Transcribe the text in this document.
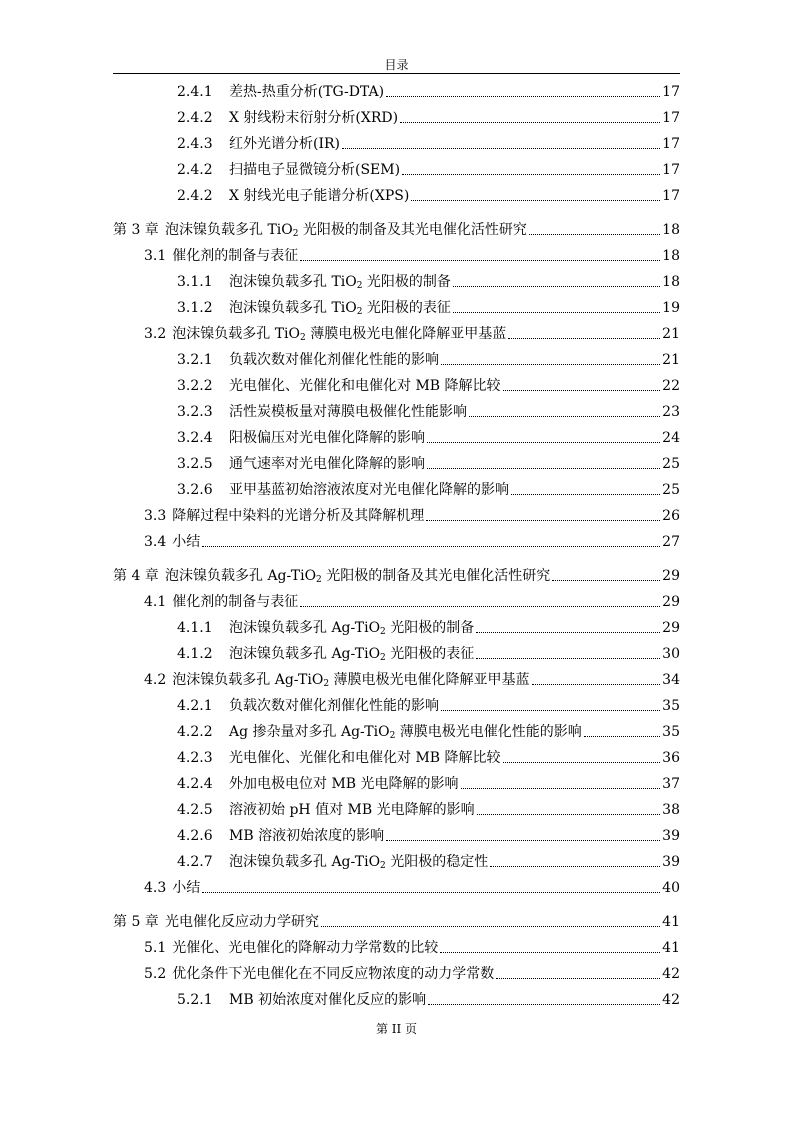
目录
2.4.1	差热-热重分析(TG-DTA)	17
2.4.2	X 射线粉末衍射分析(XRD)	17
2.4.3	红外光谱分析(IR)	17
2.4.2	扫描电子显微镜分析(SEM)	17
2.4.2	X 射线光电子能谱分析(XPS)	17
第 3 章 泡沫镍负载多孔 TiO$_2$ 光阳极的制备及其光电催化活性研究	18
3.1 催化剂的制备与表征	18
3.1.1	泡沫镍负载多孔 TiO$_2$ 光阳极的制备	18
3.1.2	泡沫镍负载多孔 TiO$_2$ 光阳极的表征	19
3.2 泡沫镍负载多孔 TiO$_2$ 薄膜电极光电催化降解亚甲基蓝	21
3.2.1	负载次数对催化剂催化性能的影响	21
3.2.2	光电催化、光催化和电催化对 MB 降解比较	22
3.2.3	活性炭模板量对薄膜电极催化性能影响	23
3.2.4	阳极偏压对光电催化降解的影响	24
3.2.5	通气速率对光电催化降解的影响	25
3.2.6	亚甲基蓝初始溶液浓度对光电催化降解的影响	25
3.3 降解过程中染料的光谱分析及其降解机理	26
3.4 小结	27
第 4 章 泡沫镍负载多孔 Ag-TiO$_2$ 光阳极的制备及其光电催化活性研究	29
4.1 催化剂的制备与表征	29
4.1.1	泡沫镍负载多孔 Ag-TiO$_2$ 光阳极的制备	29
4.1.2	泡沫镍负载多孔 Ag-TiO$_2$ 光阳极的表征	30
4.2 泡沫镍负载多孔 Ag-TiO$_2$ 薄膜电极光电催化降解亚甲基蓝	34
4.2.1	负载次数对催化剂催化性能的影响	35
4.2.2	Ag 掺杂量对多孔 Ag-TiO$_2$ 薄膜电极光电催化性能的影响	35
4.2.3	光电催化、光催化和电催化对 MB 降解比较	36
4.2.4	外加电极电位对 MB 光电降解的影响	37
4.2.5	溶液初始 pH 值对 MB 光电降解的影响	38
4.2.6	MB 溶液初始浓度的影响	39
4.2.7	泡沫镍负载多孔 Ag-TiO$_2$ 光阳极的稳定性	39
4.3 小结	40
第 5 章 光电催化反应动力学研究	41
5.1 光催化、光电催化的降解动力学常数的比较	41
5.2 优化条件下光电催化在不同反应物浓度的动力学常数	42
5.2.1	MB 初始浓度对催化反应的影响	42
第 II 页
